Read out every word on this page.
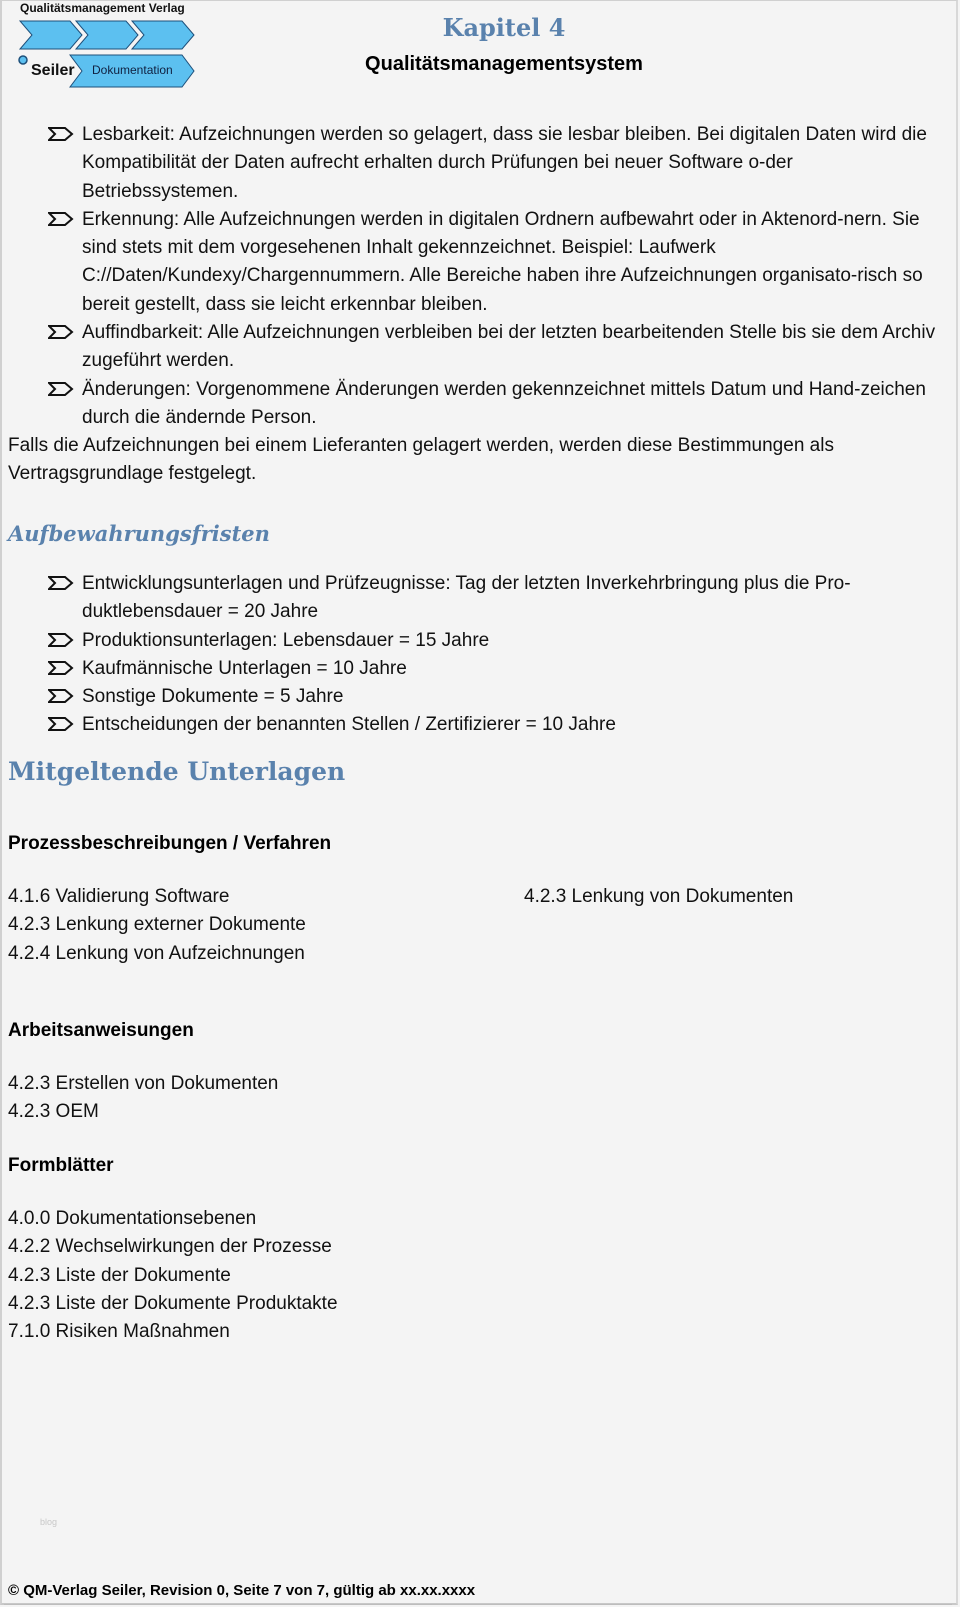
Qualitätsmanagement Verlag
Seiler Dokumentation
Kapitel 4
Qualitätsmanagementsystem
Lesbarkeit: Aufzeichnungen werden so gelagert, dass sie lesbar bleiben. Bei digitalen Daten wird die Kompatibilität der Daten aufrecht erhalten durch Prüfungen bei neuer Software o-der Betriebssystemen.
Erkennung: Alle Aufzeichnungen werden in digitalen Ordnern aufbewahrt oder in Aktenord-nern. Sie sind stets mit dem vorgesehenen Inhalt gekennzeichnet. Beispiel: Laufwerk C://Daten/Kundexy/Chargennummern. Alle Bereiche haben ihre Aufzeichnungen organisato-risch so bereit gestellt, dass sie leicht erkennbar bleiben.
Auffindbarkeit: Alle Aufzeichnungen verbleiben bei der letzten bearbeitenden Stelle bis sie dem Archiv zugeführt werden.
Änderungen: Vorgenommene Änderungen werden gekennzeichnet mittels Datum und Hand-zeichen durch die ändernde Person.
Falls die Aufzeichnungen bei einem Lieferanten gelagert werden, werden diese Bestimmungen als Vertragsgrundlage festgelegt.
Aufbewahrungsfristen
Entwicklungsunterlagen und Prüfzeugnisse: Tag der letzten Inverkehrbringung plus die Pro-duktlebensdauer = 20 Jahre
Produktionsunterlagen: Lebensdauer = 15 Jahre
Kaufmännische Unterlagen = 10 Jahre
Sonstige Dokumente = 5 Jahre
Entscheidungen der benannten Stellen / Zertifizierer = 10 Jahre
Mitgeltende Unterlagen
Prozessbeschreibungen / Verfahren
4.1.6 Validierung Software
4.2.3 Lenkung externer Dokumente
4.2.4 Lenkung von Aufzeichnungen
4.2.3 Lenkung von Dokumenten
Arbeitsanweisungen
4.2.3 Erstellen von Dokumenten
4.2.3 OEM
Formblätter
4.0.0 Dokumentationsebenen
4.2.2 Wechselwirkungen der Prozesse
4.2.3 Liste der Dokumente
4.2.3 Liste der Dokumente Produktakte
7.1.0 Risiken Maßnahmen
blog
© QM-Verlag Seiler, Revision 0, Seite 7 von 7, gültig ab xx.xx.xxxx
